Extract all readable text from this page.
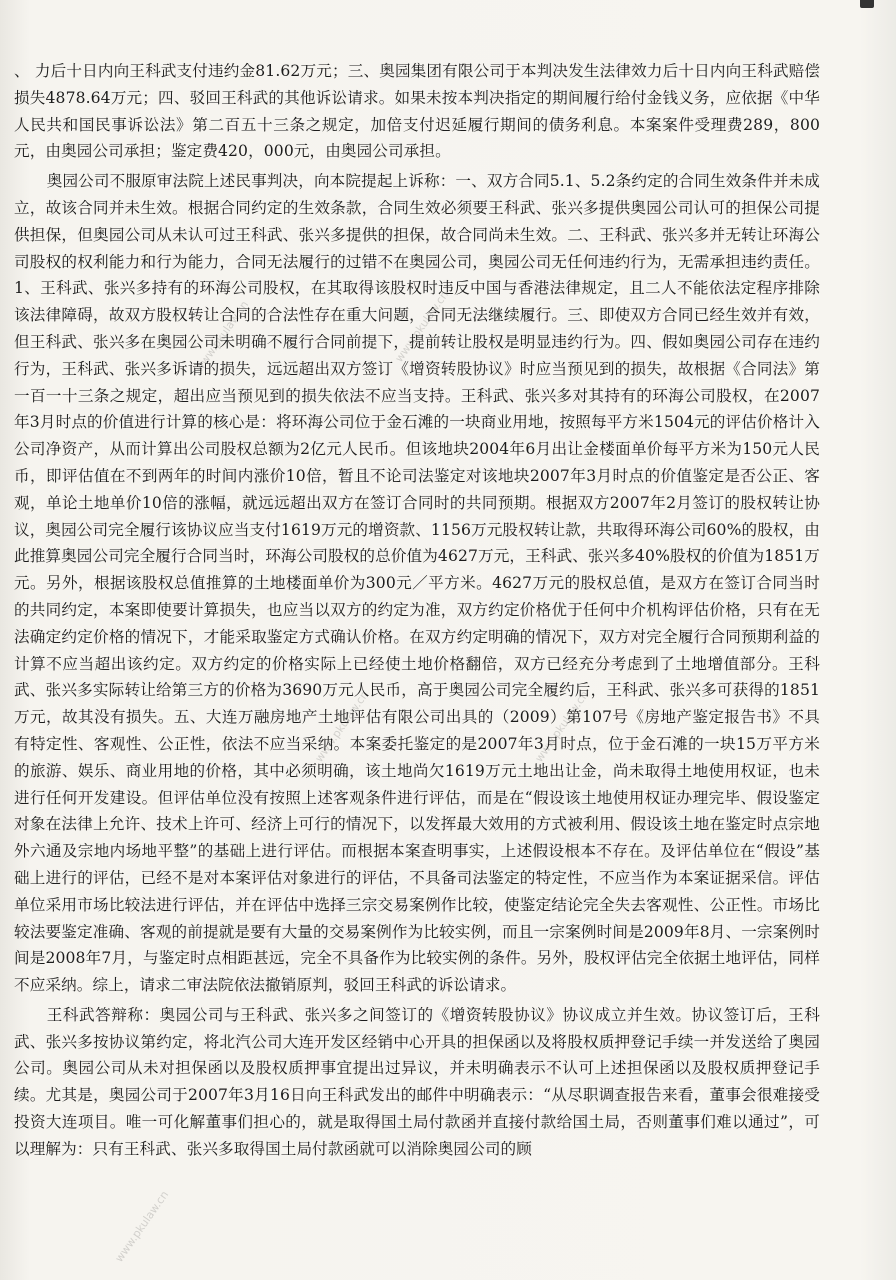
www.pkulaw.cn	www.pkulaw.cn
www.pkulaw.cn	www.pkulaw.cn
www.pkulaw.cn

、 力后十日内向王科武支付违约金81.62万元；三、奥园集团有限公司于本判决发生法律效力后十日内向王科武赔偿损失4878.64万元；四、驳回王科武的其他诉讼请求。如果未按本判决指定的期间履行给付金钱义务，应依据《中华人民共和国民事诉讼法》第二百五十三条之规定，加倍支付迟延履行期间的债务利息。本案案件受理费289，800元，由奥园公司承担；鉴定费420，000元，由奥园公司承担。

奥园公司不服原审法院上述民事判决，向本院提起上诉称：一、双方合同5.1、5.2条约定的合同生效条件并未成立，故该合同并未生效。根据合同约定的生效条款，合同生效必须要王科武、张兴多提供奥园公司认可的担保公司提供担保，但奥园公司从未认可过王科武、张兴多提供的担保，故合同尚未生效。二、王科武、张兴多并无转让环海公司股权的权利能力和行为能力，合同无法履行的过错不在奥园公司，奥园公司无任何违约行为，无需承担违约责任。1、王科武、张兴多持有的环海公司股权，在其取得该股权时违反中国与香港法律规定，且二人不能依法定程序排除该法律障碍，故双方股权转让合同的合法性存在重大问题，合同无法继续履行。三、即使双方合同已经生效并有效，但王科武、张兴多在奥园公司未明确不履行合同前提下，提前转让股权是明显违约行为。四、假如奥园公司存在违约行为，王科武、张兴多诉请的损失，远远超出双方签订《增资转股协议》时应当预见到的损失，故根据《合同法》第一百一十三条之规定，超出应当预见到的损失依法不应当支持。王科武、张兴多对其持有的环海公司股权，在2007年3月时点的价值进行计算的核心是：将环海公司位于金石滩的一块商业用地，按照每平方米1504元的评估价格计入公司净资产，从而计算出公司股权总额为2亿元人民币。但该地块2004年6月出让金楼面单价每平方米为150元人民币，即评估值在不到两年的时间内涨价10倍，暂且不论司法鉴定对该地块2007年3月时点的价值鉴定是否公正、客观，单论土地单价10倍的涨幅，就远远超出双方在签订合同时的共同预期。根据双方2007年2月签订的股权转让协议，奥园公司完全履行该协议应当支付1619万元的增资款、1156万元股权转让款，共取得环海公司60%的股权，由此推算奥园公司完全履行合同当时，环海公司股权的总价值为4627万元，王科武、张兴多40%股权的价值为1851万元。另外，根据该股权总值推算的土地楼面单价为300元／平方米。4627万元的股权总值，是双方在签订合同当时的共同约定，本案即使要计算损失，也应当以双方的约定为准，双方约定价格优于任何中介机构评估价格，只有在无法确定约定价格的情况下，才能采取鉴定方式确认价格。在双方约定明确的情况下，双方对完全履行合同预期利益的计算不应当超出该约定。双方约定的价格实际上已经使土地价格翻倍，双方已经充分考虑到了土地增值部分。王科武、张兴多实际转让给第三方的价格为3690万元人民币，高于奥园公司完全履约后，王科武、张兴多可获得的1851万元，故其没有损失。五、大连万融房地产土地评估有限公司出具的（2009）第107号《房地产鉴定报告书》不具有特定性、客观性、公正性，依法不应当采纳。本案委托鉴定的是2007年3月时点，位于金石滩的一块15万平方米的旅游、娱乐、商业用地的价格，其中必须明确，该土地尚欠1619万元土地出让金，尚未取得土地使用权证，也未进行任何开发建设。但评估单位没有按照上述客观条件进行评估，而是在“假设该土地使用权证办理完毕、假设鉴定对象在法律上允许、技术上许可、经济上可行的情况下，以发挥最大效用的方式被利用、假设该土地在鉴定时点宗地外六通及宗地内场地平整”的基础上进行评估。而根据本案查明事实，上述假设根本不存在。及评估单位在“假设”基础上进行的评估，已经不是对本案评估对象进行的评估，不具备司法鉴定的特定性，不应当作为本案证据采信。评估单位采用市场比较法进行评估，并在评估中选择三宗交易案例作比较，使鉴定结论完全失去客观性、公正性。市场比较法要鉴定准确、客观的前提就是要有大量的交易案例作为比较实例，而且一宗案例时间是2009年8月、一宗案例时间是2008年7月，与鉴定时点相距甚远，完全不具备作为比较实例的条件。另外，股权评估完全依据土地评估，同样不应采纳。综上，请求二审法院依法撤销原判，驳回王科武的诉讼请求。

王科武答辩称：奥园公司与王科武、张兴多之间签订的《增资转股协议》协议成立并生效。协议签订后，王科武、张兴多按协议第约定，将北汽公司大连开发区经销中心开具的担保函以及将股权质押登记手续一并发送给了奥园公司。奥园公司从未对担保函以及股权质押事宜提出过异议，并未明确表示不认可上述担保函以及股权质押登记手续。尤其是，奥园公司于2007年3月16日向王科武发出的邮件中明确表示：“从尽职调查报告来看，董事会很难接受投资大连项目。唯一可化解董事们担心的，就是取得国土局付款函并直接付款给国土局，否则董事们难以通过”，可以理解为：只有王科武、张兴多取得国土局付款函就可以消除奥园公司的顾
